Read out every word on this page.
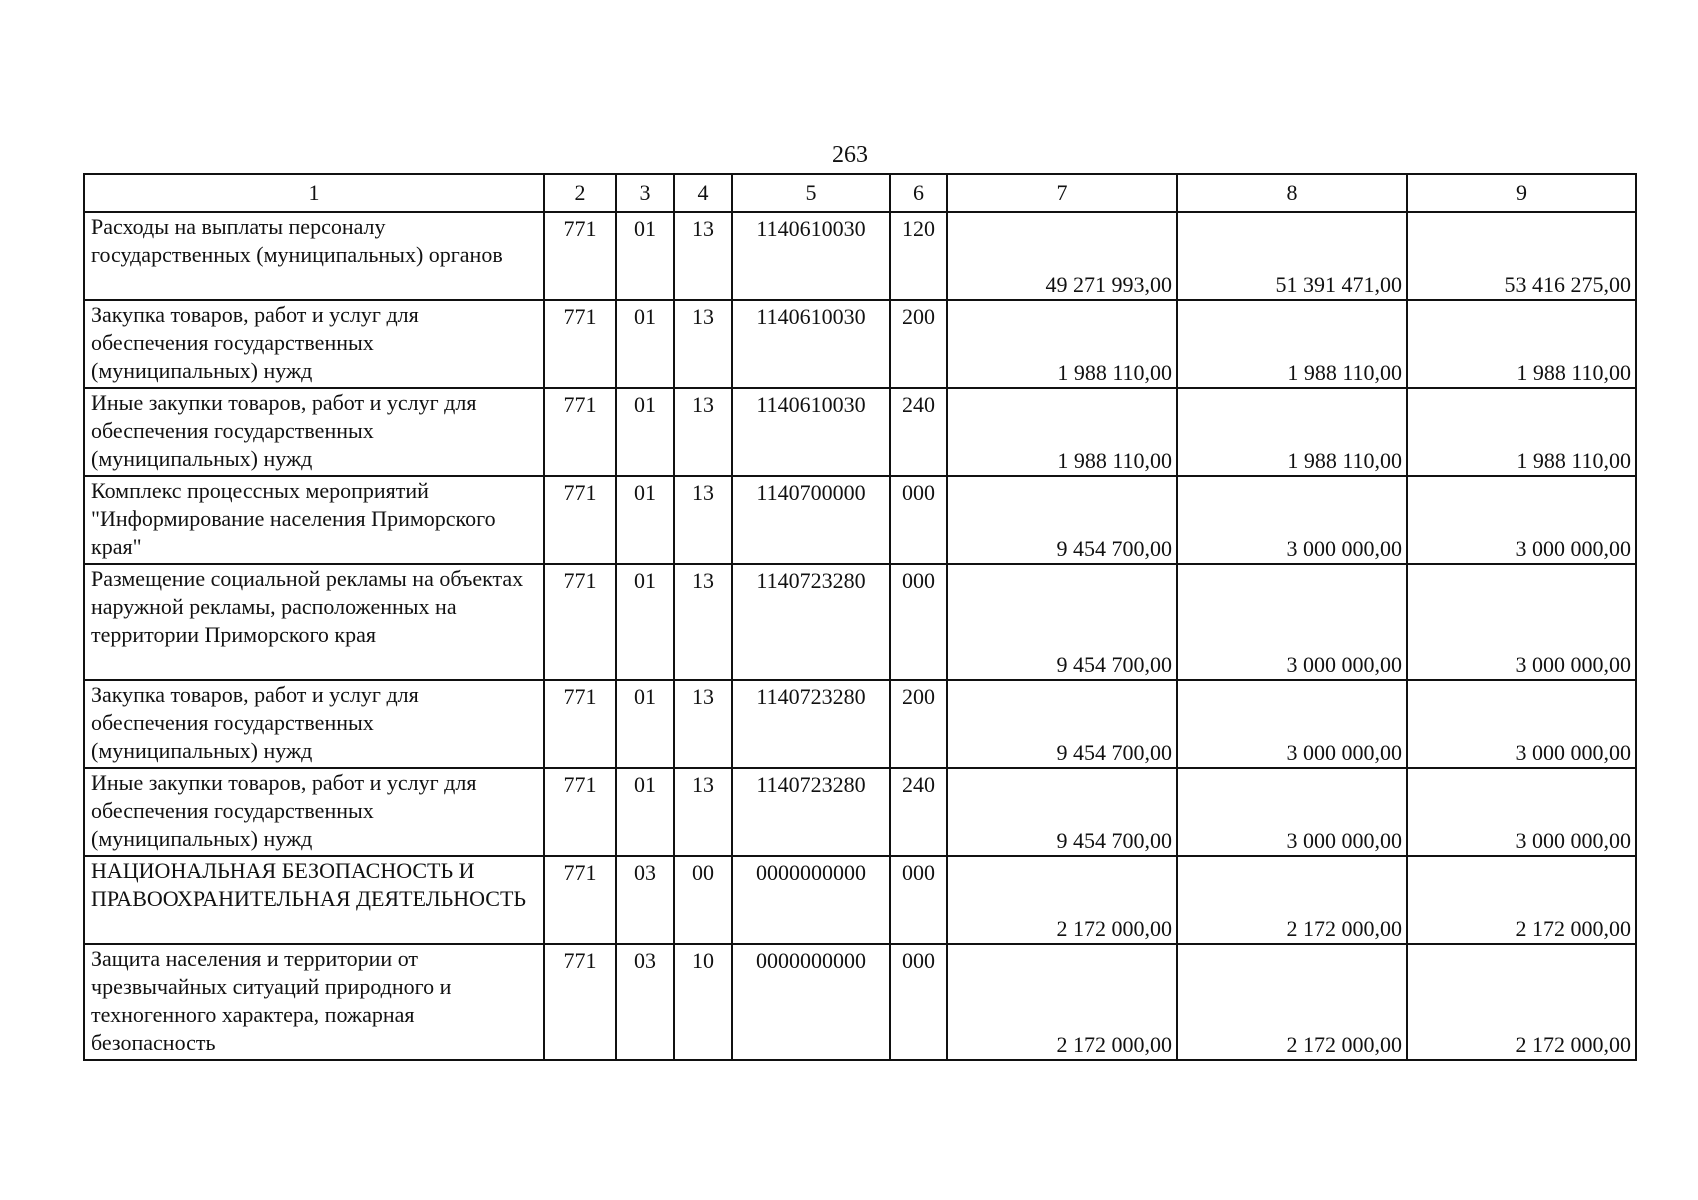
263
1	2	3	4	5	6	7	8	9
Расходы на выплаты персоналу государственных (муниципальных) органов	771	01	13	1140610030	120	49 271 993,00	51 391 471,00	53 416 275,00
Закупка товаров, работ и услуг для обеспечения государственных (муниципальных) нужд	771	01	13	1140610030	200	1 988 110,00	1 988 110,00	1 988 110,00
Иные закупки товаров, работ и услуг для обеспечения государственных (муниципальных) нужд	771	01	13	1140610030	240	1 988 110,00	1 988 110,00	1 988 110,00
Комплекс процессных мероприятий "Информирование населения Приморского края"	771	01	13	1140700000	000	9 454 700,00	3 000 000,00	3 000 000,00
Размещение социальной рекламы на объектах наружной рекламы, расположенных на территории Приморского края	771	01	13	1140723280	000	9 454 700,00	3 000 000,00	3 000 000,00
Закупка товаров, работ и услуг для обеспечения государственных (муниципальных) нужд	771	01	13	1140723280	200	9 454 700,00	3 000 000,00	3 000 000,00
Иные закупки товаров, работ и услуг для обеспечения государственных (муниципальных) нужд	771	01	13	1140723280	240	9 454 700,00	3 000 000,00	3 000 000,00
НАЦИОНАЛЬНАЯ БЕЗОПАСНОСТЬ И ПРАВООХРАНИТЕЛЬНАЯ ДЕЯТЕЛЬНОСТЬ	771	03	00	0000000000	000	2 172 000,00	2 172 000,00	2 172 000,00
Защита населения и территории от чрезвычайных ситуаций природного и техногенного характера, пожарная безопасность	771	03	10	0000000000	000	2 172 000,00	2 172 000,00	2 172 000,00
